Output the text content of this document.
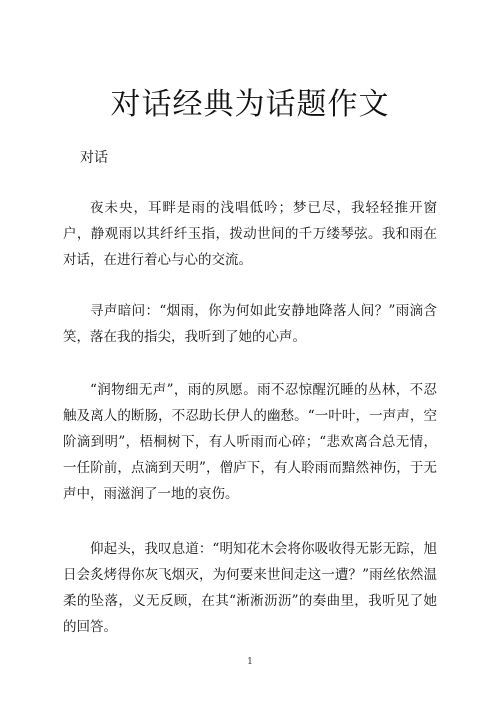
对话经典为话题作文

对话

夜未央，耳畔是雨的浅唱低吟；梦已尽，我轻轻推开窗户，静观雨以其纤纤玉指，拨动世间的千万缕琴弦。我和雨在对话，在进行着心与心的交流。

寻声暗问：“烟雨，你为何如此安静地降落人间？”雨滴含笑，落在我的指尖，我听到了她的心声。

“润物细无声”，雨的夙愿。雨不忍惊醒沉睡的丛林，不忍触及离人的断肠，不忍助长伊人的幽愁。“一叶叶，一声声，空阶滴到明”，梧桐树下，有人听雨而心碎；“悲欢离合总无情，一任阶前，点滴到天明”，僧庐下，有人聆雨而黯然神伤，于无声中，雨滋润了一地的哀伤。

仰起头，我叹息道：“明知花木会将你吸收得无影无踪，旭日会炙烤得你灰飞烟灭，为何要来世间走这一遭？”雨丝依然温柔的坠落，义无反顾，在其“淅淅沥沥”的奏曲里，我听见了她的回答。

1
